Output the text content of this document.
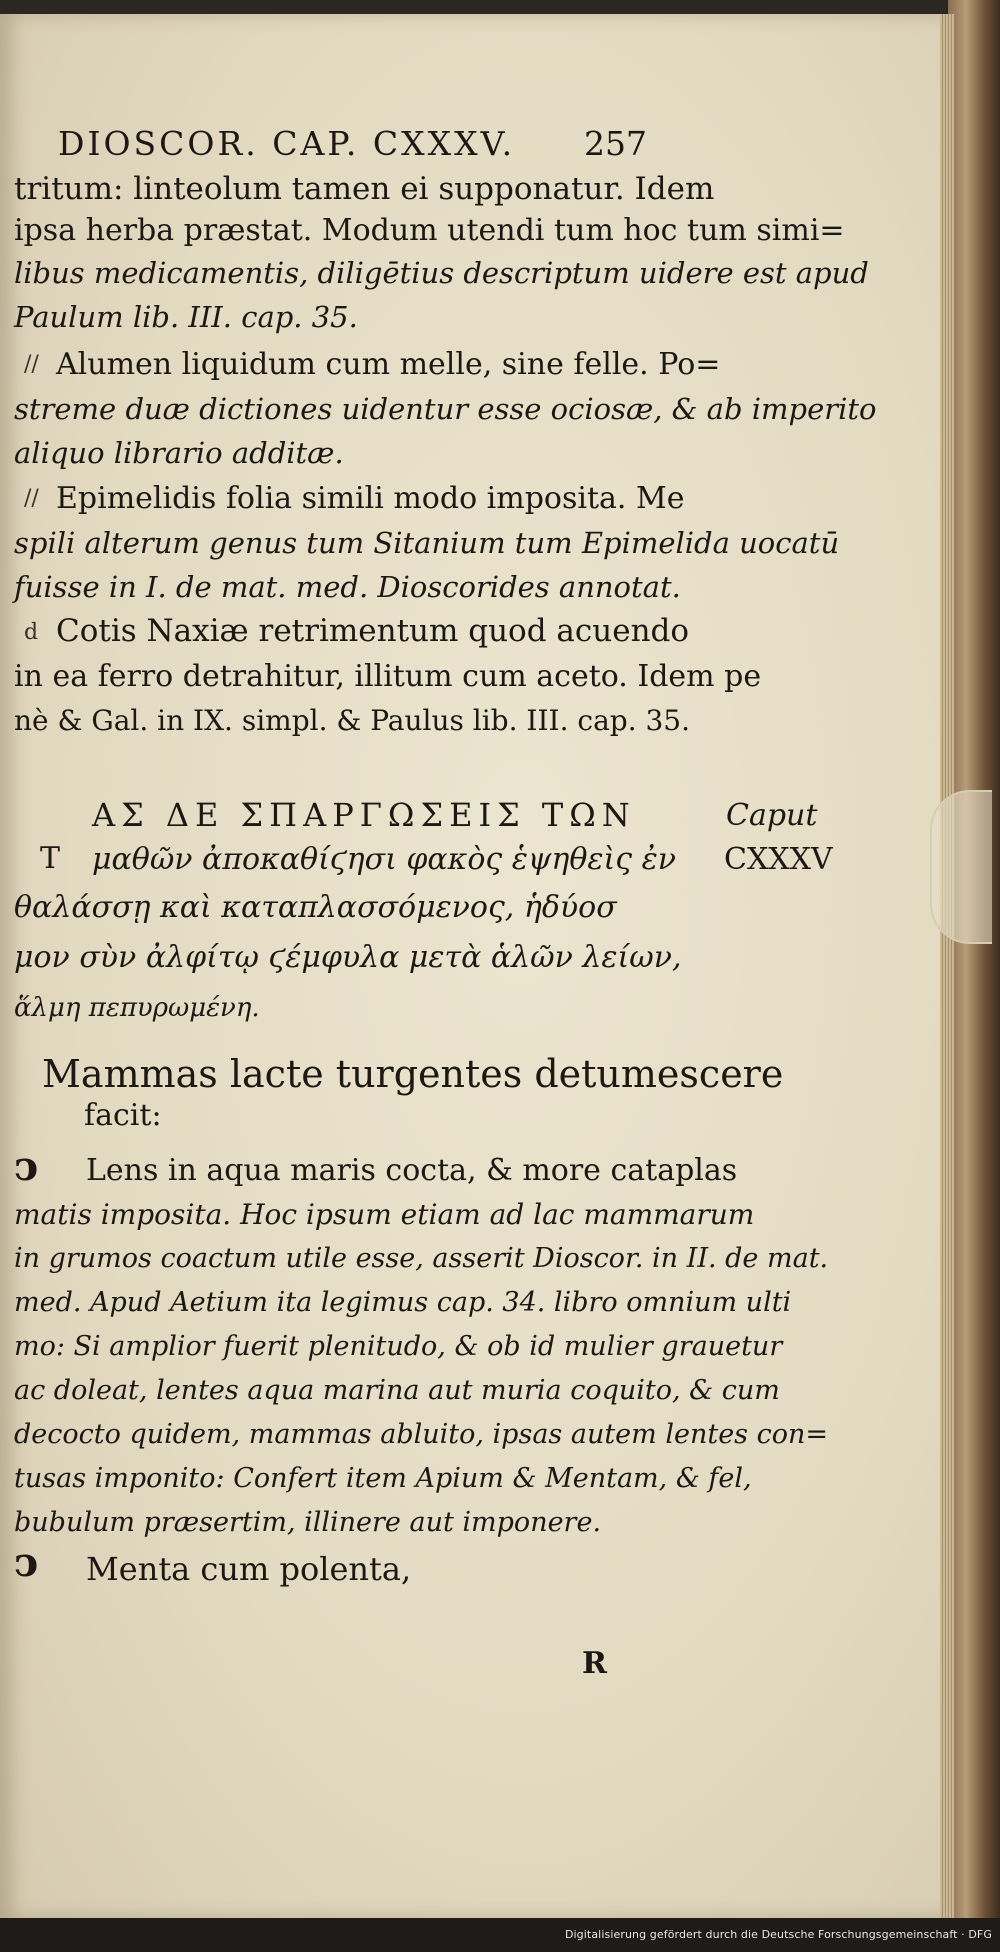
DIOSCOR. CAP. CXXXV. 257
tritum: linteolum tamen ei supponatur. Idem
ipsa herba præstat. Modum utendi tum hoc tum simi=
libus medicamentis, diligētius descriptum uidere est apud
Paulum lib. III. cap. 35.
// Alumen liquidum cum melle, sine felle. Po=
streme duæ dictiones uidentur esse ociosæ, & ab imperito
aliquo librario additæ.
// Epimelidis folia simili modo imposita. Me
spili alterum genus tum Sitanium tum Epimelida uocatū
fuisse in I. de mat. med. Dioscorides annotat.
d Cotis Naxiæ retrimentum quod acuendo
in ea ferro detrahitur, illitum cum aceto. Idem pe
nè & Gal. in IX. simpl. & Paulus lib. III. cap. 35.
ΑΣ ΔΕ ΣΠΑΡΓΩΣΕΙΣ ΤΩΝ	Caput
T μαθῶν ἀποκαθίϛησι φακὸς ἑψηθεὶς ἐν CXXXV
θαλάσσῃ καὶ καταπλασσόμενος, ἡδύοσ
μον σὺν ἀλφίτῳ ϛέμφυλα μετὰ ἁλῶν λείων,
ἅλμη πεπυρωμένη.
Mammas lacte turgentes detumescere
facit:
ↄ Lens in aqua maris cocta, & more cataplas
matis imposita. Hoc ipsum etiam ad lac mammarum
in grumos coactum utile esse, asserit Dioscor. in II. de mat.
med. Apud Aetium ita legimus cap. 34. libro omnium ulti
mo: Si amplior fuerit plenitudo, & ob id mulier grauetur
ac doleat, lentes aqua marina aut muria coquito, & cum
decocto quidem, mammas abluito, ipsas autem lentes con=
tusas imponito: Confert item Apium & Mentam, & fel,
bubulum præsertim, illinere aut imponere.
ↄ Menta cum polenta,
R
Digitalisierung gefördert durch die Deutsche Forschungsgemeinschaft · DFG
